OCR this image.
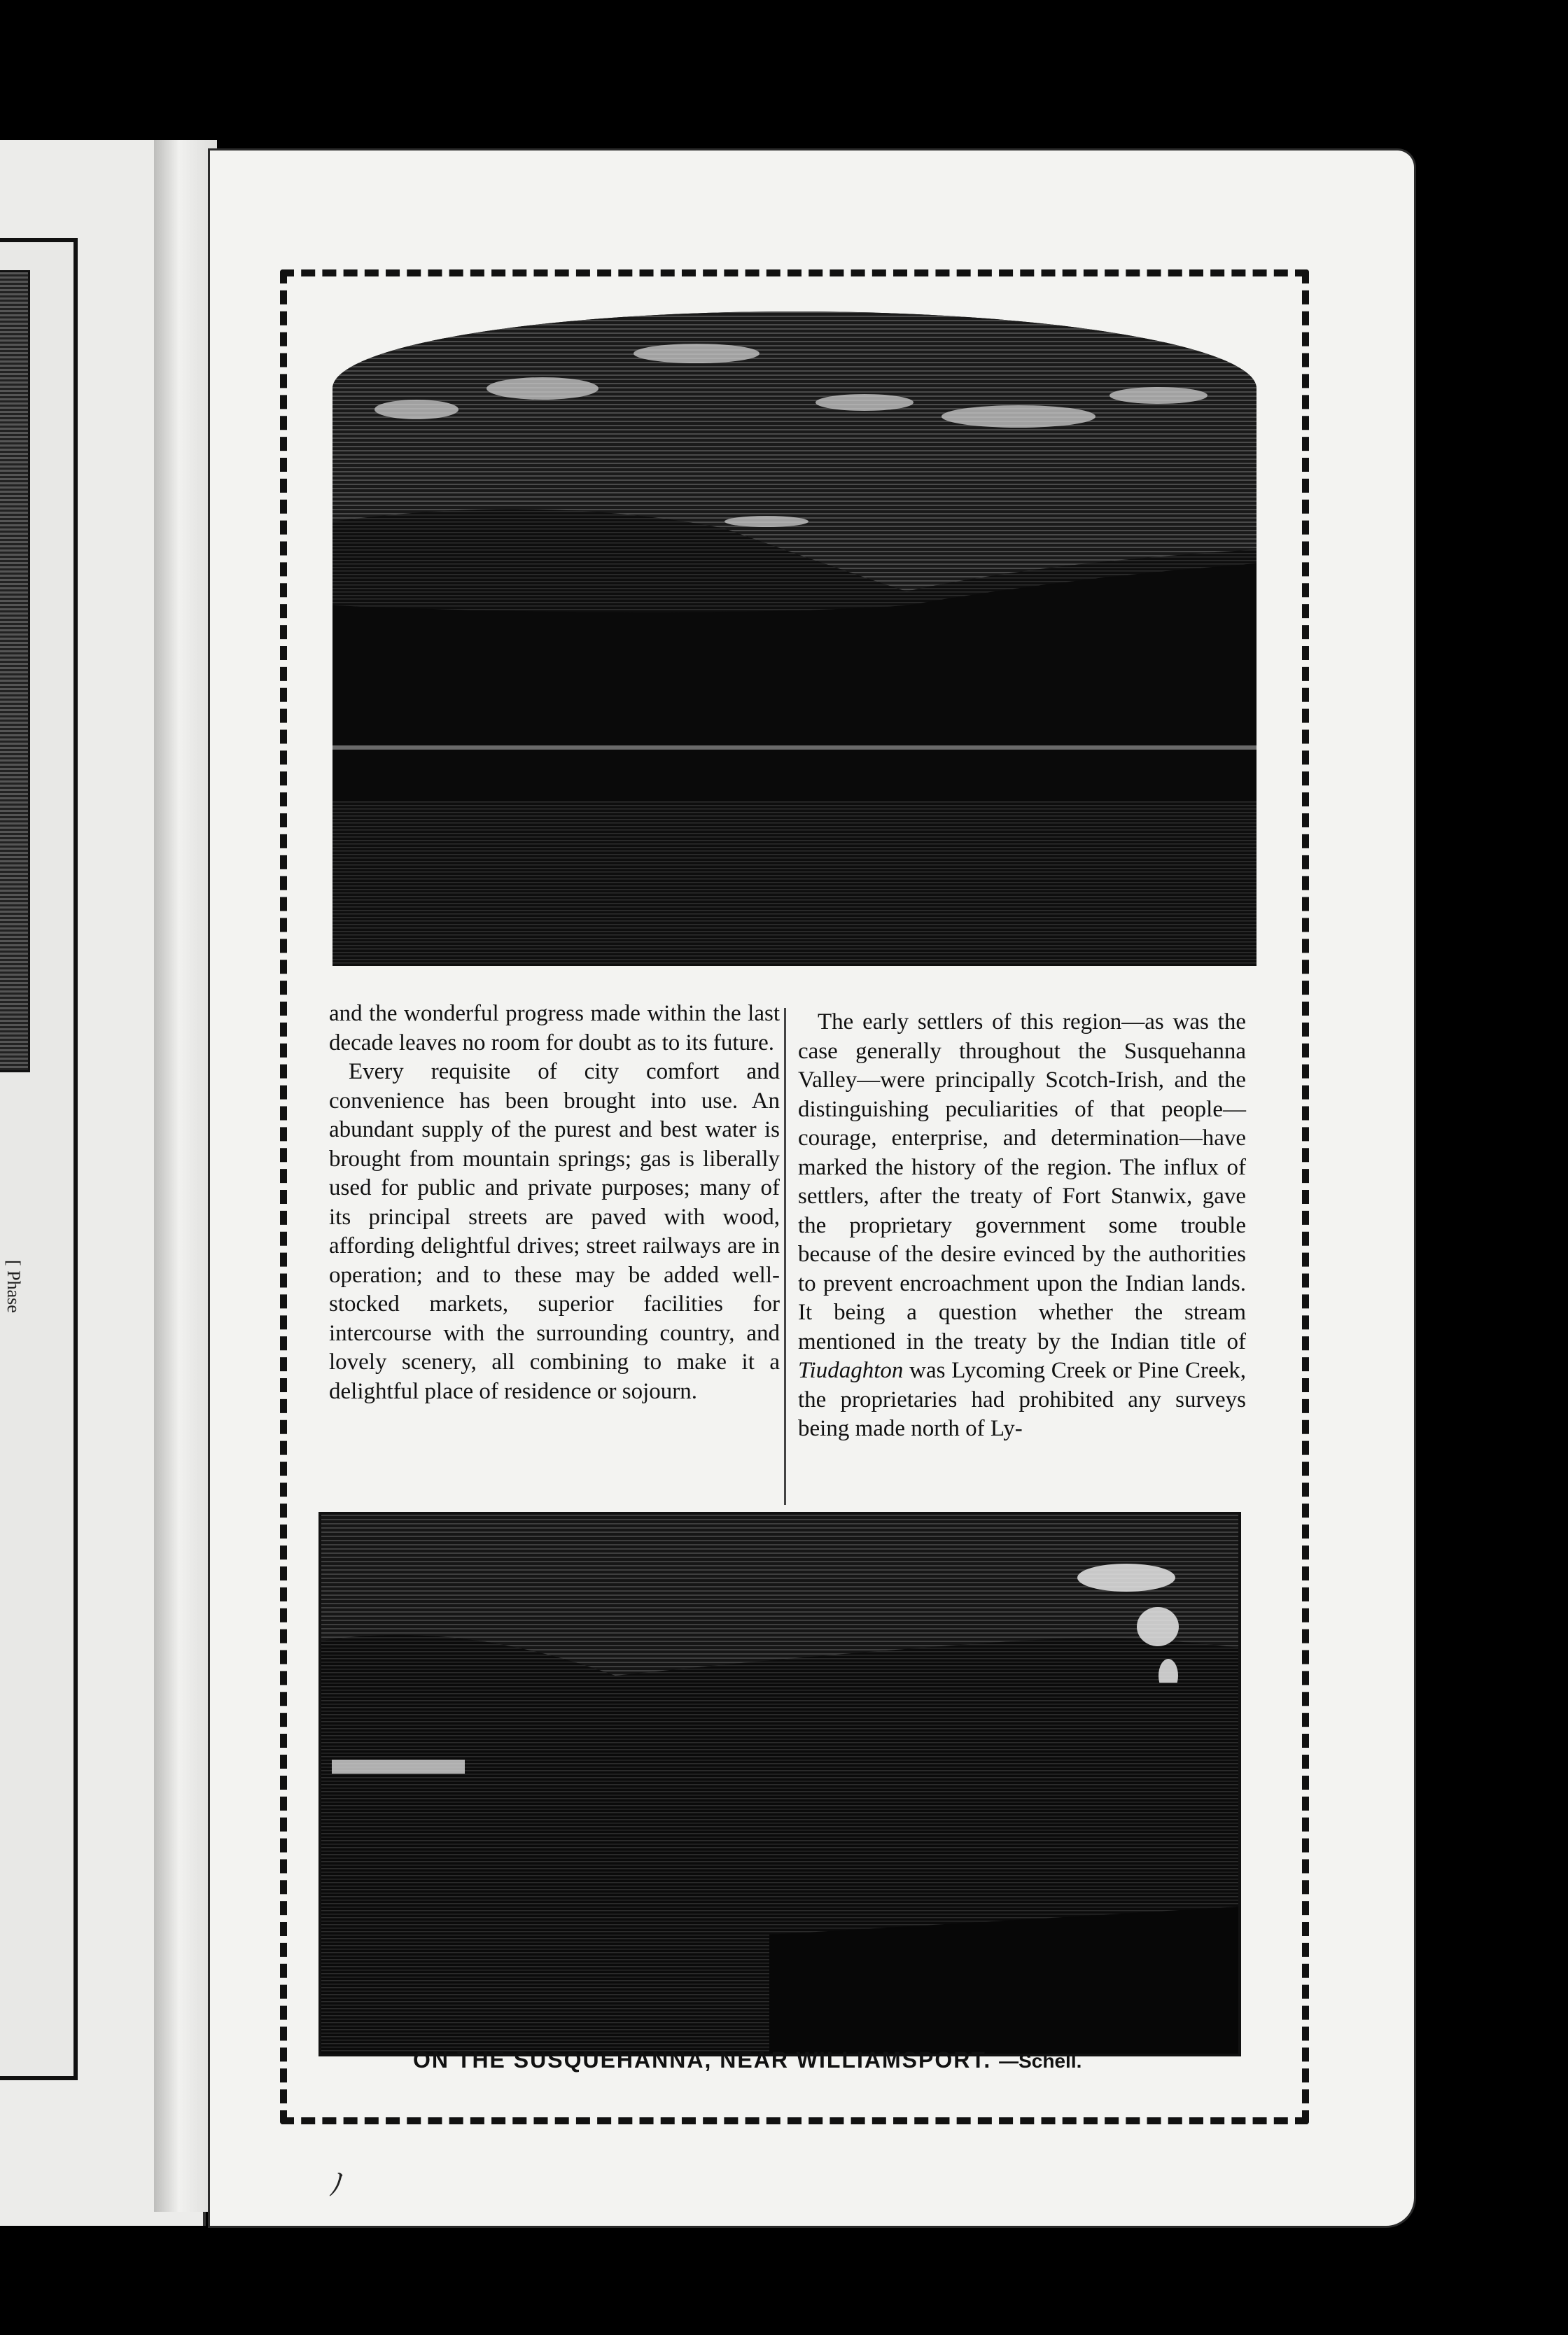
[ Phase

and the wonderful progress made within the last decade leaves no room for doubt as to its future.

Every requisite of city comfort and convenience has been brought into use. An abundant supply of the purest and best water is brought from mountain springs; gas is liberally used for public and private purposes; many of its principal streets are paved with wood, affording delightful drives; street railways are in operation; and to these may be added well-stocked markets, superior facilities for intercourse with the surrounding country, and lovely scenery, all combining to make it a delightful place of residence or sojourn.

The early settlers of this region—as was the case generally throughout the Susquehanna Valley—were principally Scotch-Irish, and the distinguishing peculiarities of that people—courage, enterprise, and determination—have marked the history of the region. The influx of settlers, after the treaty of Fort Stanwix, gave the proprietary government some trouble because of the desire evinced by the authorities to prevent encroachment upon the Indian lands. It being a question whether the stream mentioned in the treaty by the Indian title of Tiudaghton was Lycoming Creek or Pine Creek, the proprietaries had prohibited any surveys being made north of Ly-

ON THE SUSQUEHANNA, NEAR WILLIAMSPORT. —Schell.
ﾉ
